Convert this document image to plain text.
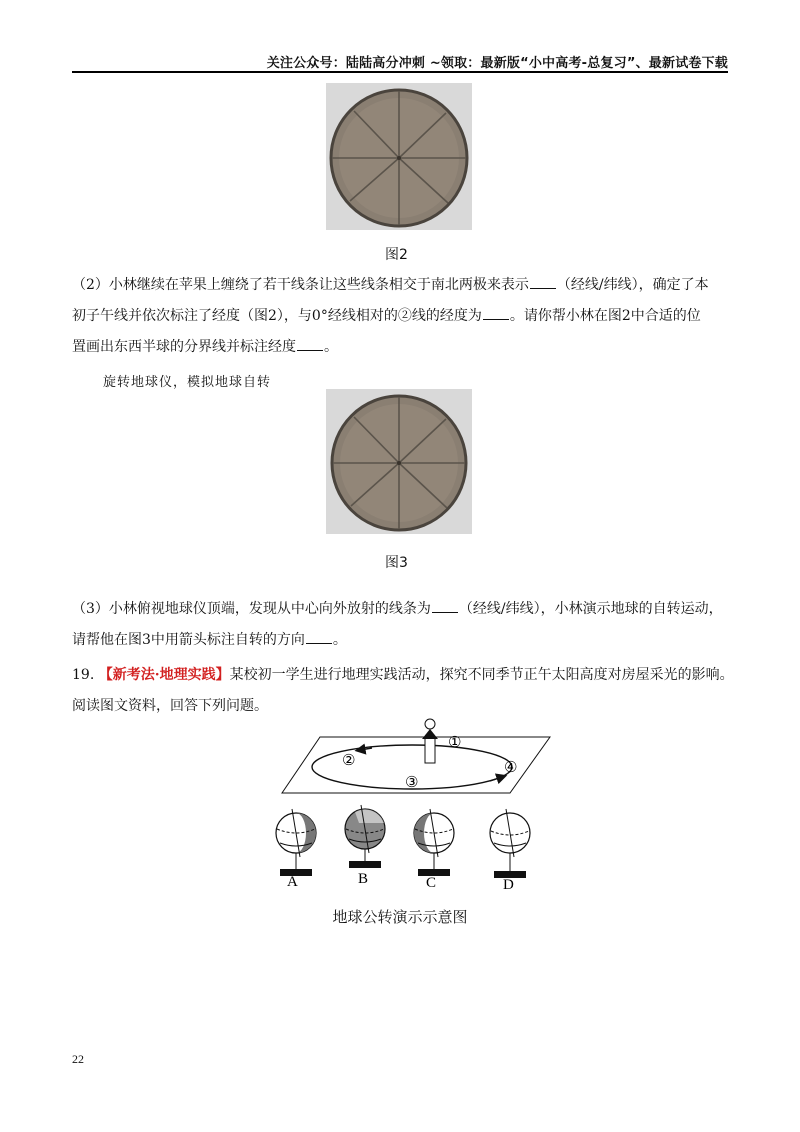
关注公众号：陆陆高分冲刺 ~领取：最新版“小中高考-总复习”、最新试卷下载
图2
（2）小林继续在苹果上缠绕了若干线条让这些线条相交于南北两极来表示 （经线/纬线），确定了本
初子午线并依次标注了经度（图2），与0°经线相对的②线的经度为 。请你帮小林在图2中合适的位
置画出东西半球的分界线并标注经度 。
旋转地球仪，模拟地球自转
图3
（3）小林俯视地球仪顶端，发现从中心向外放射的线条为 （经线/纬线），小林演示地球的自转运动，
请帮他在图3中用箭头标注自转的方向 。
19. 【新考法·地理实践】某校初一学生进行地理实践活动，探究不同季节正午太阳高度对房屋采光的影响。
阅读图文资料，回答下列问题。
①
②
③
④
A	B	C	D
地球公转演示示意图
22
